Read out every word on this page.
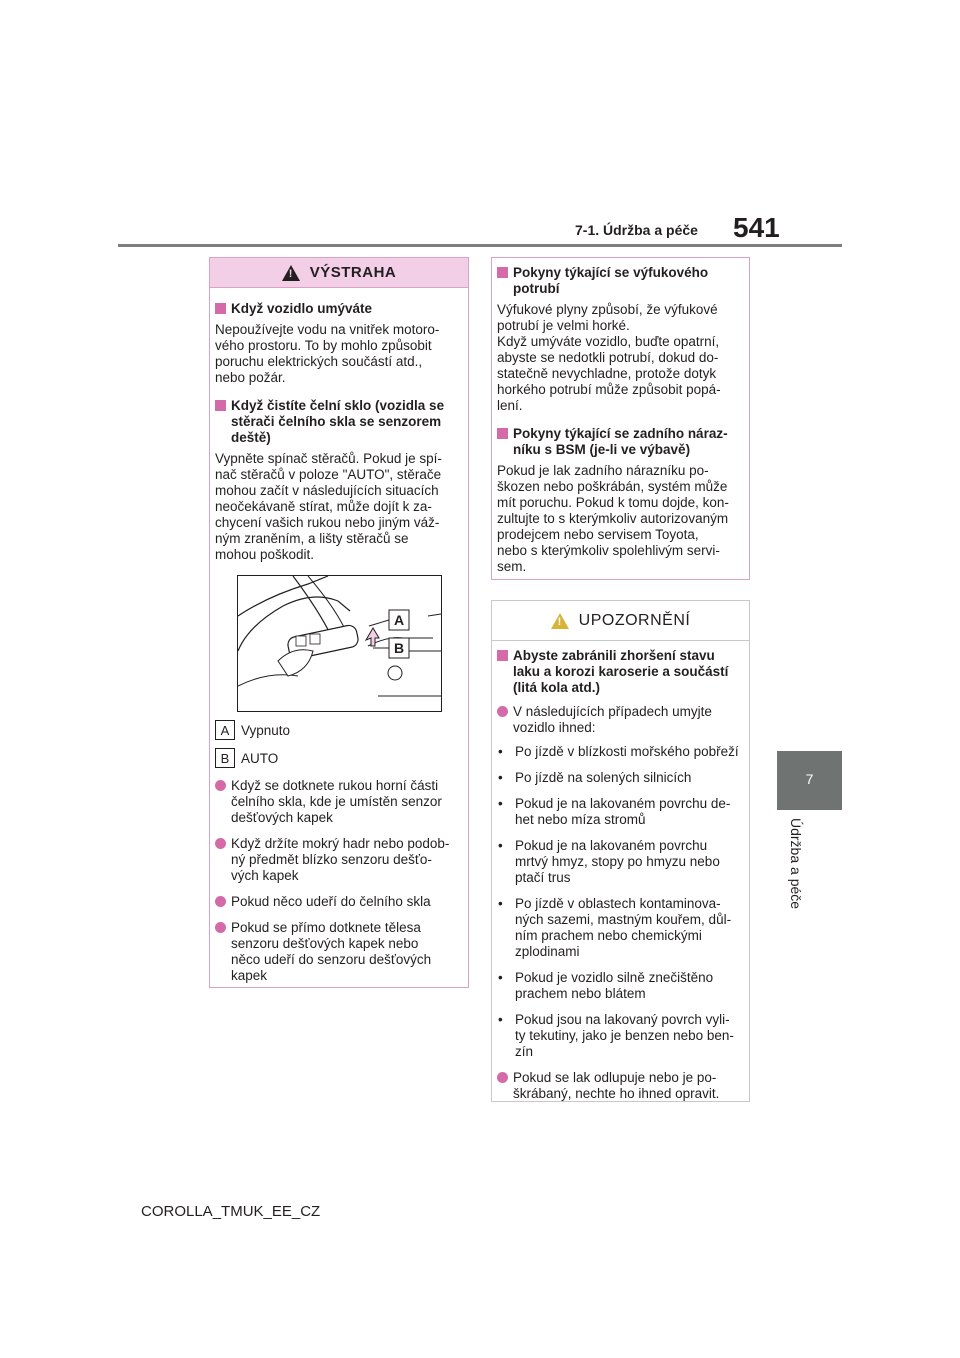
7-1. Údržba a péče 541
7
Údržba a péče
! VÝSTRAHA
Když vozidlo umýváte
Nepoužívejte vodu na vnitřek motoro-
vého prostoru. To by mohlo způsobit
poruchu elektrických součástí atd.,
nebo požár.
Když čistíte čelní sklo (vozidla se
stěrači čelního skla se senzorem
deště)
Vypněte spínač stěračů. Pokud je spí-
nač stěračů v poloze "AUTO", stěrače
mohou začít v následujících situacích
neočekávaně stírat, může dojít k za-
chycení vašich rukou nebo jiným váž-
ným zraněním, a lišty stěračů se
mohou poškodit.
A
B
A Vypnuto
B AUTO
Když se dotknete rukou horní části
čelního skla, kde je umístěn senzor
dešťových kapek
Když držíte mokrý hadr nebo podob-
ný předmět blízko senzoru dešťo-
vých kapek
Pokud něco udeří do čelního skla
Pokud se přímo dotknete tělesa
senzoru dešťových kapek nebo
něco udeří do senzoru dešťových
kapek
Pokyny týkající se výfukového
potrubí
Výfukové plyny způsobí, že výfukové
potrubí je velmi horké.
Když umýváte vozidlo, buďte opatrní,
abyste se nedotkli potrubí, dokud do-
statečně nevychladne, protože dotyk
horkého potrubí může způsobit popá-
lení.
Pokyny týkající se zadního náraz-
níku s BSM (je-li ve výbavě)
Pokud je lak zadního nárazníku po-
škozen nebo poškrábán, systém může
mít poruchu. Pokud k tomu dojde, kon-
zultujte to s kterýmkoliv autorizovaným
prodejcem nebo servisem Toyota,
nebo s kterýmkoliv spolehlivým servi-
sem.
! UPOZORNĚNÍ
Abyste zabránili zhoršení stavu
laku a korozi karoserie a součástí
(litá kola atd.)
V následujících případech umyjte
vozidlo ihned:
• Po jízdě v blízkosti mořského pobřeží
• Po jízdě na solených silnicích
• Pokud je na lakovaném povrchu de-
het nebo míza stromů
• Pokud je na lakovaném povrchu
mrtvý hmyz, stopy po hmyzu nebo
ptačí trus
• Po jízdě v oblastech kontaminova-
ných sazemi, mastným kouřem, důl-
ním prachem nebo chemickými
zplodinami
• Pokud je vozidlo silně znečištěno
prachem nebo blátem
• Pokud jsou na lakovaný povrch vyli-
ty tekutiny, jako je benzen nebo ben-
zín
Pokud se lak odlupuje nebo je po-
škrábaný, nechte ho ihned opravit.
COROLLA_TMUK_EE_CZ
